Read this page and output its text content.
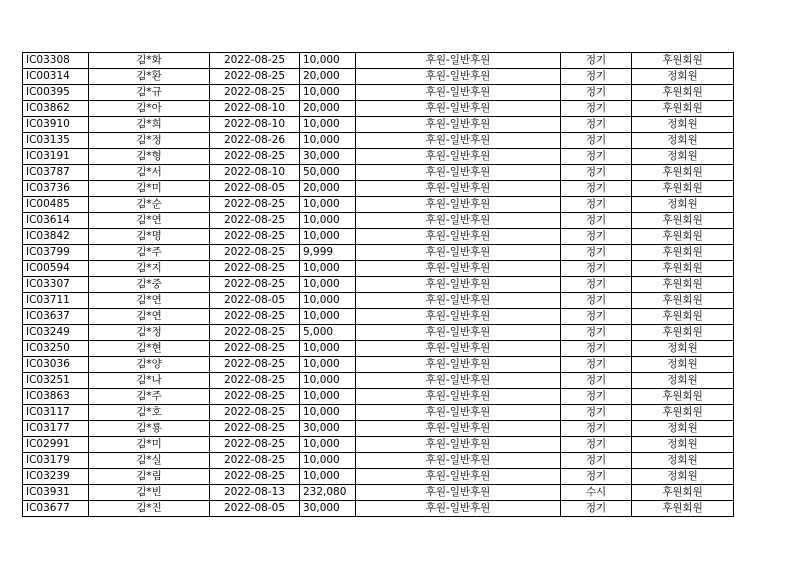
IC03308	김*화	2022-08-25	10,000	후원-일반후원	정기	후원회원
IC00314	김*환	2022-08-25	20,000	후원-일반후원	정기	정회원
IC00395	김*규	2022-08-25	10,000	후원-일반후원	정기	후원회원
IC03862	김*아	2022-08-10	20,000	후원-일반후원	정기	후원회원
IC03910	김*희	2022-08-10	10,000	후원-일반후원	정기	정회원
IC03135	김*정	2022-08-26	10,000	후원-일반후원	정기	정회원
IC03191	김*형	2022-08-25	30,000	후원-일반후원	정기	정회원
IC03787	김*서	2022-08-10	50,000	후원-일반후원	정기	후원회원
IC03736	김*미	2022-08-05	20,000	후원-일반후원	정기	후원회원
IC00485	김*순	2022-08-25	10,000	후원-일반후원	정기	정회원
IC03614	김*연	2022-08-25	10,000	후원-일반후원	정기	후원회원
IC03842	김*명	2022-08-25	10,000	후원-일반후원	정기	후원회원
IC03799	김*주	2022-08-25	9,999	후원-일반후원	정기	후원회원
IC00594	김*지	2022-08-25	10,000	후원-일반후원	정기	후원회원
IC03307	김*중	2022-08-25	10,000	후원-일반후원	정기	후원회원
IC03711	김*연	2022-08-05	10,000	후원-일반후원	정기	후원회원
IC03637	김*연	2022-08-25	10,000	후원-일반후원	정기	후원회원
IC03249	김*정	2022-08-25	5,000	후원-일반후원	정기	후원회원
IC03250	김*현	2022-08-25	10,000	후원-일반후원	정기	정회원
IC03036	김*양	2022-08-25	10,000	후원-일반후원	정기	정회원
IC03251	김*나	2022-08-25	10,000	후원-일반후원	정기	정회원
IC03863	김*주	2022-08-25	10,000	후원-일반후원	정기	후원회원
IC03117	김*호	2022-08-25	10,000	후원-일반후원	정기	후원회원
IC03177	김*룡	2022-08-25	30,000	후원-일반후원	정기	정회원
IC02991	김*미	2022-08-25	10,000	후원-일반후원	정기	정회원
IC03179	김*실	2022-08-25	10,000	후원-일반후원	정기	정회원
IC03239	김*림	2022-08-25	10,000	후원-일반후원	정기	정회원
IC03931	김*빈	2022-08-13	232,080	후원-일반후원	수시	후원회원
IC03677	김*진	2022-08-05	30,000	후원-일반후원	정기	후원회원
